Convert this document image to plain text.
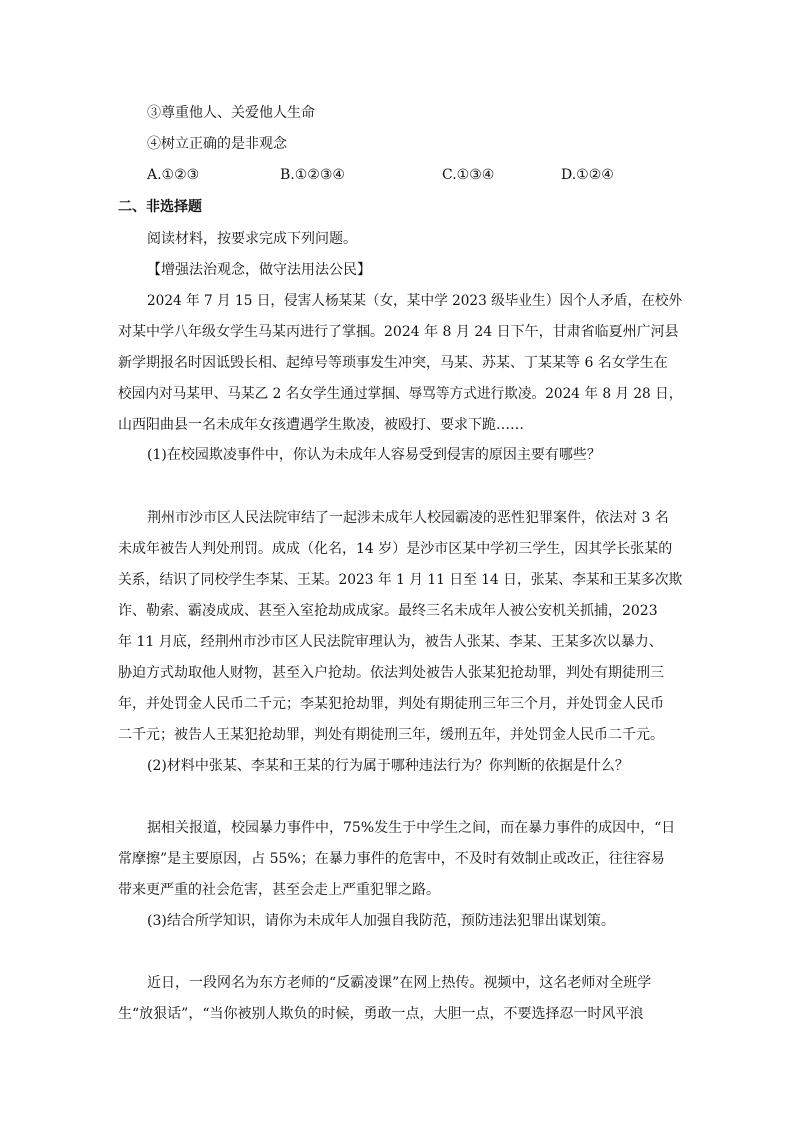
③尊重他人、关爱他人生命
④树立正确的是非观念
A.①②③	B.①②③④	C.①③④	D.①②④
二、非选择题
阅读材料，按要求完成下列问题。
【增强法治观念，做守法用法公民】
2024 年 7 月 15 日，侵害人杨某某（女，某中学 2023 级毕业生）因个人矛盾，在校外
对某中学八年级女学生马某丙进行了掌掴。2024 年 8 月 24 日下午，甘肃省临夏州广河县
新学期报名时因诋毁长相、起绰号等琐事发生冲突，马某、苏某、丁某某等 6 名女学生在
校园内对马某甲、马某乙 2 名女学生通过掌掴、辱骂等方式进行欺凌。2024 年 8 月 28 日，
山西阳曲县一名未成年女孩遭遇学生欺凌，被殴打、要求下跪……
(1)在校园欺凌事件中，你认为未成年人容易受到侵害的原因主要有哪些？
荆州市沙市区人民法院审结了一起涉未成年人校园霸凌的恶性犯罪案件，依法对 3 名
未成年被告人判处刑罚。成成（化名，14 岁）是沙市区某中学初三学生，因其学长张某的
关系，结识了同校学生李某、王某。2023 年 1 月 11 日至 14 日，张某、李某和王某多次欺
诈、勒索、霸凌成成、甚至入室抢劫成成家。最终三名未成年人被公安机关抓捕，2023
年 11 月底，经荆州市沙市区人民法院审理认为，被告人张某、李某、王某多次以暴力、
胁迫方式劫取他人财物，甚至入户抢劫。依法判处被告人张某犯抢劫罪，判处有期徒刑三
年，并处罚金人民币二千元；李某犯抢劫罪，判处有期徒刑三年三个月，并处罚金人民币
二千元；被告人王某犯抢劫罪，判处有期徒刑三年，缓刑五年，并处罚金人民币二千元。
(2)材料中张某、李某和王某的行为属于哪种违法行为？你判断的依据是什么？
据相关报道，校园暴力事件中，75%发生于中学生之间，而在暴力事件的成因中，“日
常摩擦”是主要原因，占 55%；在暴力事件的危害中，不及时有效制止或改正，往往容易
带来更严重的社会危害，甚至会走上严重犯罪之路。
(3)结合所学知识，请你为未成年人加强自我防范，预防违法犯罪出谋划策。
近日，一段网名为东方老师的“反霸凌课”在网上热传。视频中，这名老师对全班学
生“放狠话”，“当你被别人欺负的时候，勇敢一点，大胆一点，不要选择忍一时风平浪
